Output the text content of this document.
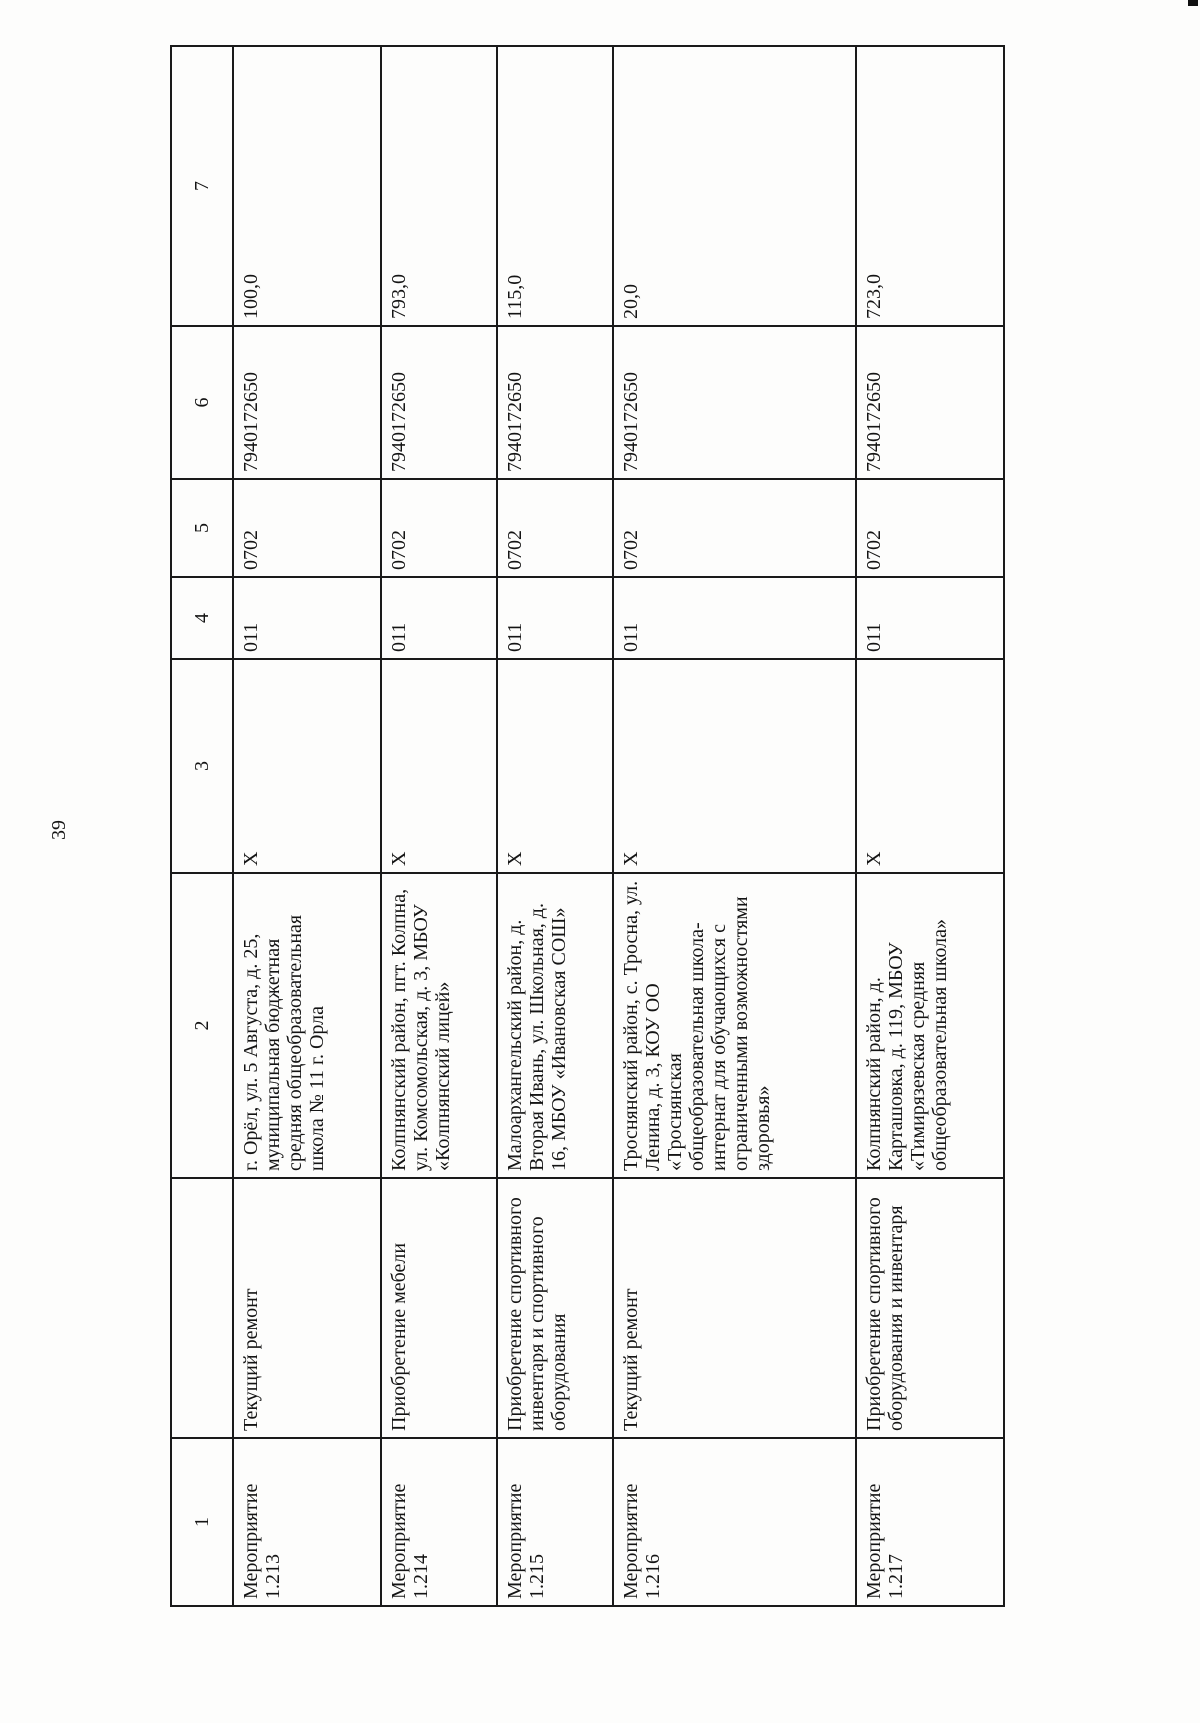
39
1		2	3	4	5	6	7
Мероприятие 1.213	Текущий ремонт	г. Орёл, ул. 5 Августа, д. 25, муниципальная бюджетная средняя общеобразовательная школа № 11 г. Орла	Х	011	0702	7940172650	100,0
Мероприятие 1.214	Приобретение мебели	Колпнянский район, пгт. Колпна, ул. Комсомольская, д. 3, МБОУ «Колпнянский лицей»	Х	011	0702	7940172650	793,0
Мероприятие 1.215	Приобретение спортивного инвентаря и спортивного оборудования	Малоархангельский район, д. Вторая Ивань, ул. Школьная, д. 16, МБОУ «Ивановская СОШ»	Х	011	0702	7940172650	115,0
Мероприятие 1.216	Текущий ремонт	Троснянский район, с. Тросна, ул. Ленина, д. 3, КОУ ОО «Троснянская общеобразовательная школа-интернат для обучающихся с ограниченными возможностями здоровья»	Х	011	0702	7940172650	20,0
Мероприятие 1.217	Приобретение спортивного оборудования и инвентаря	Колпнянский район, д. Карташовка, д. 119, МБОУ «Тимирязевская средняя общеобразовательная школа»	Х	011	0702	7940172650	723,0
